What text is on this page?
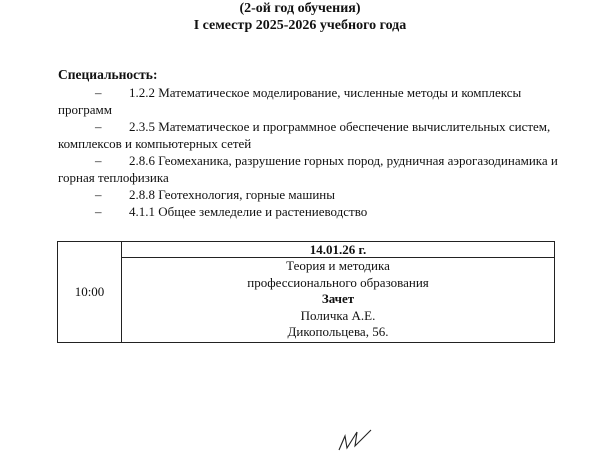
(2-ой год обучения)
I семестр 2025-2026 учебного года
Специальность:
–	1.2.2 Математическое моделирование, численные методы и комплексы программ
–	2.3.5 Математическое и программное обеспечение вычислительных систем, комплексов и компьютерных сетей
–	2.8.6 Геомеханика, разрушение горных пород, рудничная аэрогазодинамика и горная теплофизика
–	2.8.8 Геотехнология, горные машины
–	4.1.1 Общее земледелие и растениеводство
10:00	14.01.26 г.

Теория и методика
профессионального образования
Зачет
Поличка А.Е.
Дикопольцева, 56.
